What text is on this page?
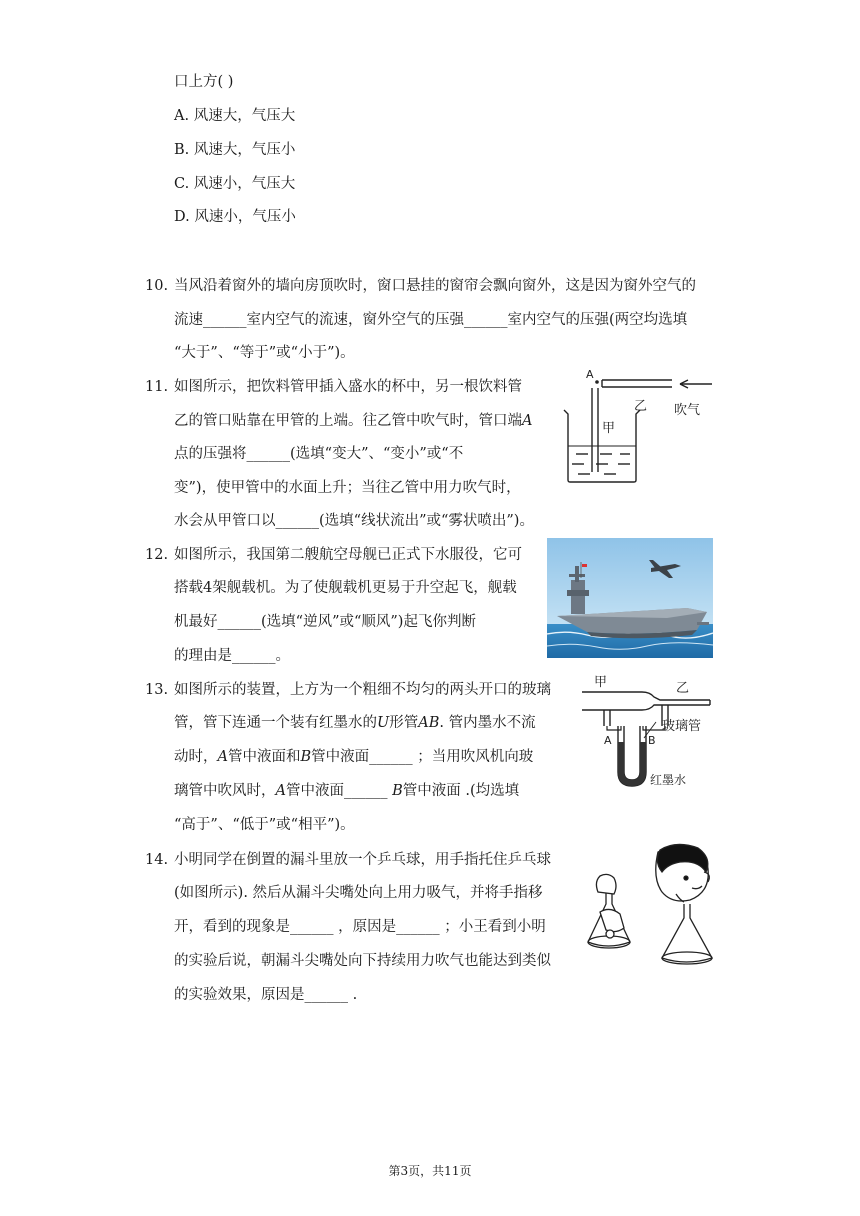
口上方( )
A. 风速大，气压大
B. 风速大，气压小
C. 风速小，气压大
D. 风速小，气压小
10. 当风沿着窗外的墙向房顶吹时，窗口悬挂的窗帘会飘向窗外，这是因为窗外空气的
流速______室内空气的流速，窗外空气的压强______室内空气的压强(两空均选填
“大于”、“等于”或“小于”)。
11. 如图所示，把饮料管甲插入盛水的杯中，另一根饮料管
乙的管口贴靠在甲管的上端。往乙管中吹气时，管口端A
点的压强将______(选填“变大”、“变小”或“不
变”)，使甲管中的水面上升；当往乙管中用力吹气时，
水会从甲管口以______(选填“线状流出”或“雾状喷出”)。
A
乙 吹气
甲
12. 如图所示，我国第二艘航空母舰已正式下水服役，它可
搭载4架舰载机。为了使舰载机更易于升空起飞，舰载
机最好______(选填“逆风”或“顺风”)起飞你判断
的理由是______。
13. 如图所示的装置，上方为一个粗细不均匀的两头开口的玻璃
管，管下连通一个装有红墨水的U形管AB. 管内墨水不流
动时，A管中液面和B管中液面______ ；当用吹风机向玻
璃管中吹风时，A管中液面______ B管中液面 .(均选填
“高于”、“低于”或“相平”)。
甲	乙
玻璃管
A	B
红墨水
14. 小明同学在倒置的漏斗里放一个乒乓球，用手指托住乒乓球
(如图所示). 然后从漏斗尖嘴处向上用力吸气，并将手指移
开，看到的现象是______ ，原因是______ ；小王看到小明
的实验后说，朝漏斗尖嘴处向下持续用力吹气也能达到类似
的实验效果，原因是______ .
第3页，共11页
